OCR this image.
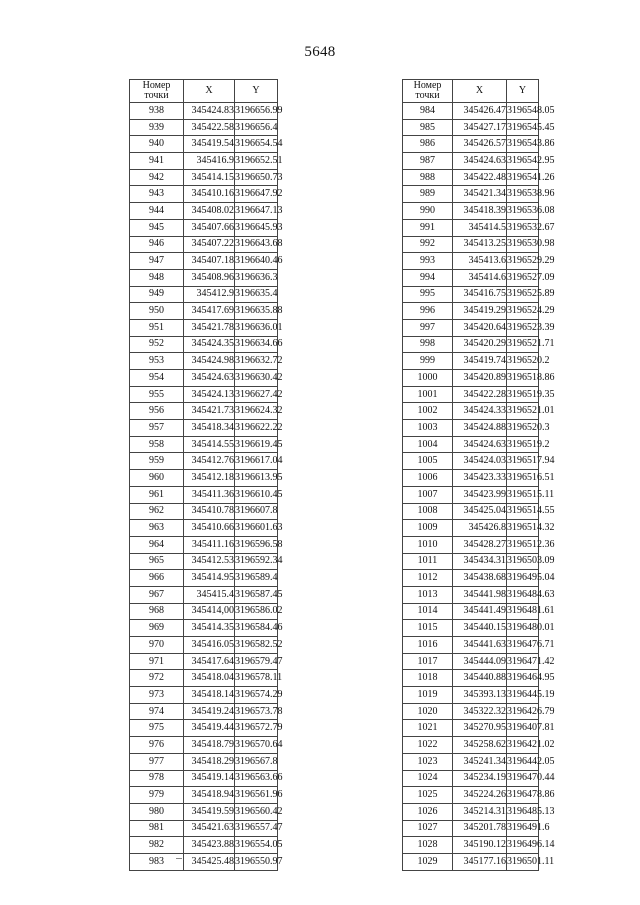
5648
Номер
точки	X	Y
938	345424.83	3196656.99
939	345422.58	3196656.4
940	345419.54	3196654.54
941	345416.9	3196652.51
942	345414.15	3196650.73
943	345410.16	3196647.92
944	345408.02	3196647.13
945	345407.66	3196645.93
946	345407.22	3196643.68
947	345407.18	3196640.46
948	345408.96	3196636.3
949	345412.9	3196635.4
950	345417.69	3196635.88
951	345421.78	3196636.01
952	345424.35	3196634.66
953	345424.98	3196632.72
954	345424.63	3196630.42
955	345424.13	3196627.42
956	345421.73	3196624.32
957	345418.34	3196622.22
958	345414.55	3196619.45
959	345412.76	3196617.04
960	345412.18	3196613.95
961	345411.36	3196610.45
962	345410.78	3196607.8
963	345410.66	3196601.63
964	345411.16	3196596.58
965	345412.53	3196592.34
966	345414.95	3196589.4
967	345415.4	3196587.45
968	345414,00	3196586.02
969	345414.35	3196584.46
970	345416.05	3196582.52
971	345417.64	3196579.47
972	345418.04	3196578.11
973	345418.14	3196574.29
974	345419.24	3196573.78
975	345419.44	3196572.79
976	345418.79	3196570.64
977	345418.29	3196567.8
978	345419.14	3196563.66
979	345418.94	3196561.96
980	345419.59	3196560.42
981	345421.63	3196557.47
982	345423.88	3196554.05
983	345425.48	3196550.97
Номер
точки	X	Y
984	345426.47	3196548.05
985	345427.17	3196545.45
986	345426.57	3196543.86
987	345424.63	3196542.95
988	345422.48	3196541.26
989	345421.34	3196538.96
990	345418.39	3196536.08
991	345414.5	3196532.67
992	345413.25	3196530.98
993	345413.6	3196529.29
994	345414.6	3196527.09
995	345416.75	3196525.89
996	345419.29	3196524.29
997	345420.64	3196523.39
998	345420.29	3196521.71
999	345419.74	3196520.2
1000	345420.89	3196518.86
1001	345422.28	3196519.35
1002	345424.33	3196521.01
1003	345424.88	3196520.3
1004	345424.63	3196519.2
1005	345424.03	3196517.94
1006	345423.33	3196516.51
1007	345423.99	3196515.11
1008	345425.04	3196514.55
1009	345426.8	3196514.32
1010	345428.27	3196512.36
1011	345434.31	3196503.09
1012	345438.68	3196495.04
1013	345441.98	3196484.63
1014	345441.49	3196481.61
1015	345440.15	3196480.01
1016	345441.63	3196476.71
1017	345444.09	3196471.42
1018	345440.88	3196464.95
1019	345393.13	3196445.19
1020	345322.32	3196426.79
1021	345270.95	3196407.81
1022	345258.62	3196421.02
1023	345241.34	3196442.05
1024	345234.19	3196470.44
1025	345224.26	3196478.86
1026	345214.31	3196485.13
1027	345201.78	3196491.6
1028	345190.12	3196496.14
1029	345177.16	3196501.11
